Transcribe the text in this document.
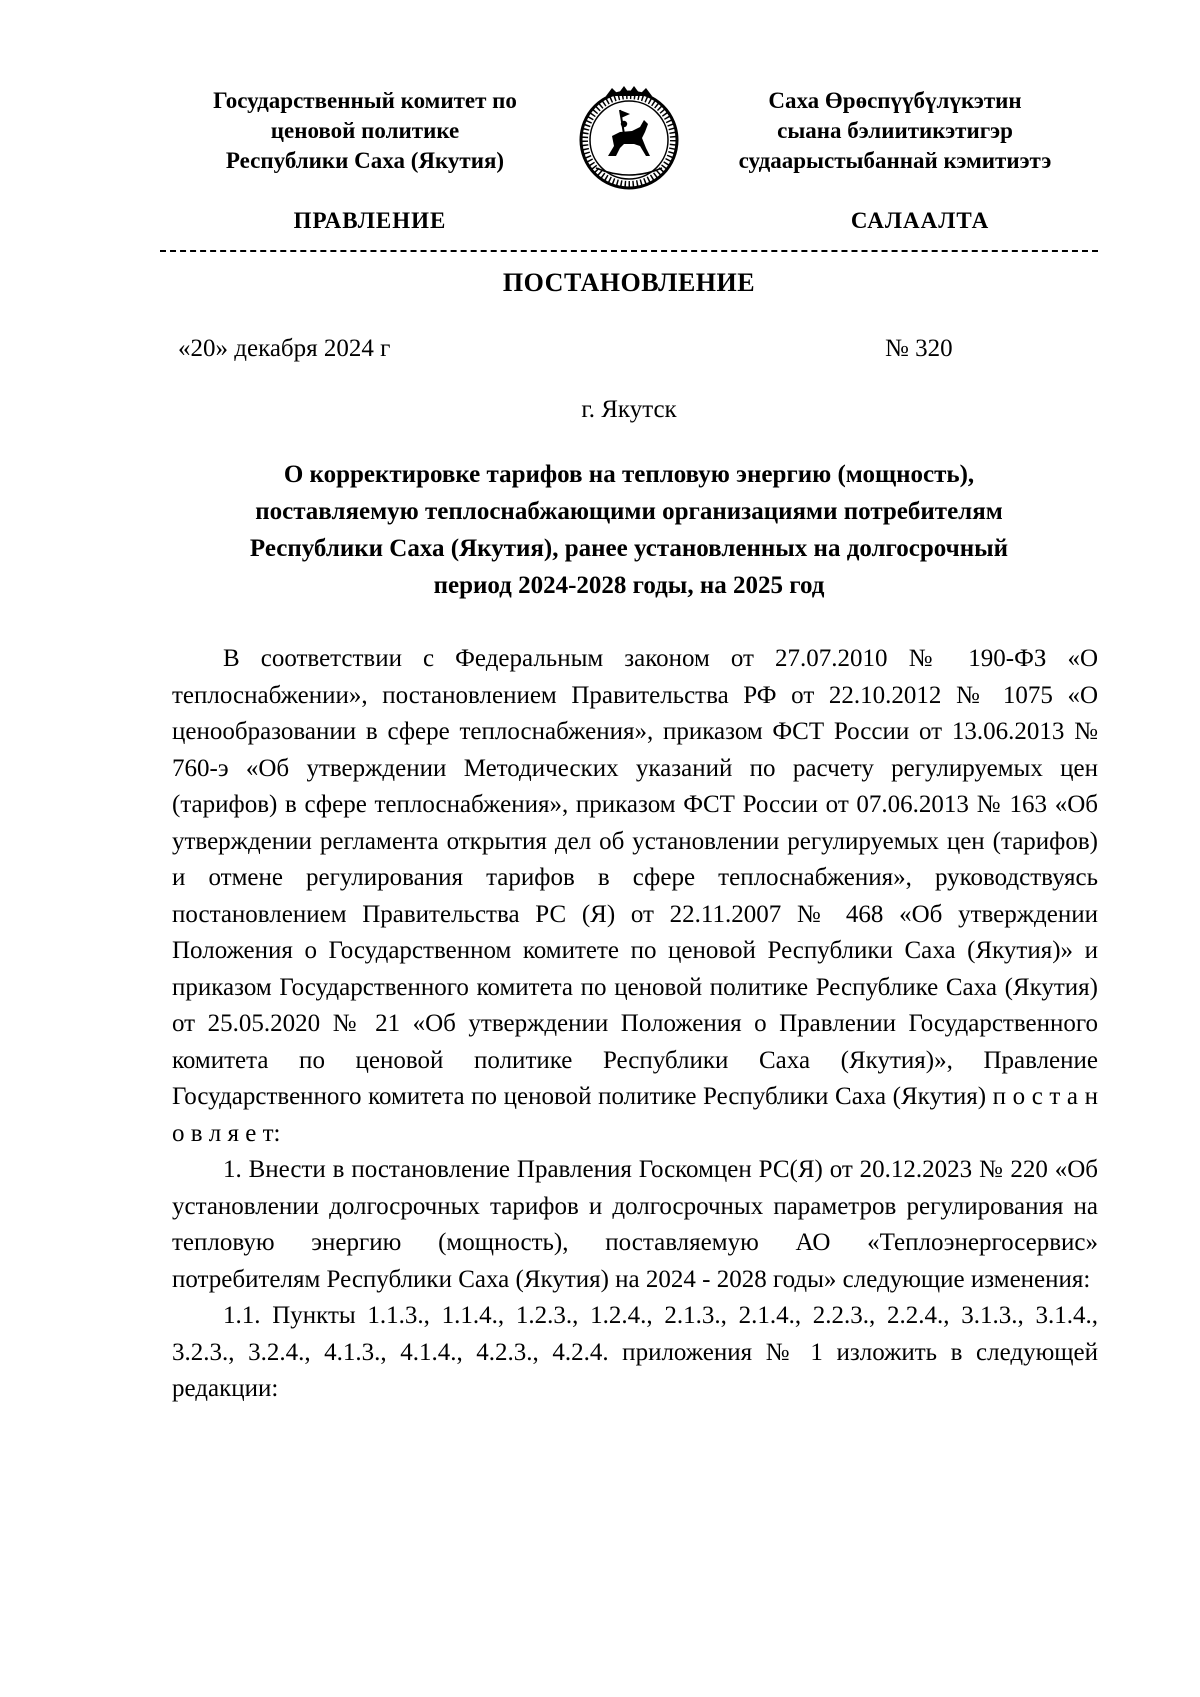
Государственный комитет по
ценовой политике
Республики Саха (Якутия)
Саха Өрөспүүбүлүкэтин
сыана бэлиитикэтигэр
судаарыстыбаннай кэмитиэтэ
ПРАВЛЕНИЕ	САЛААЛТА
ПОСТАНОВЛЕНИЕ
«20» декабря 2024 г	№ 320
г. Якутск
О корректировке тарифов на тепловую энергию (мощность),
поставляемую теплоснабжающими организациями потребителям
Республики Саха (Якутия), ранее установленных на долгосрочный
период 2024-2028 годы, на 2025 год

В соответствии с Федеральным законом от 27.07.2010 № 190-ФЗ «О теплоснабжении», постановлением Правительства РФ от 22.10.2012 № 1075 «О ценообразовании в сфере теплоснабжения», приказом ФСТ России от 13.06.2013 № 760-э «Об утверждении Методических указаний по расчету регулируемых цен (тарифов) в сфере теплоснабжения», приказом ФСТ России от 07.06.2013 № 163 «Об утверждении регламента открытия дел об установлении регулируемых цен (тарифов) и отмене регулирования тарифов в сфере теплоснабжения», руководствуясь постановлением Правительства РС (Я) от 22.11.2007 № 468 «Об утверждении Положения о Государственном комитете по ценовой Республики Саха (Якутия)» и приказом Государственного комитета по ценовой политике Республике Саха (Якутия) от 25.05.2020 № 21 «Об утверждении Положения о Правлении Государственного комитета по ценовой политике Республики Саха (Якутия)», Правление Государственного комитета по ценовой политике Республики Саха (Якутия) п о с т а н о в л я е т:

1. Внести в постановление Правления Госкомцен РС(Я) от 20.12.2023 № 220 «Об установлении долгосрочных тарифов и долгосрочных параметров регулирования на тепловую энергию (мощность), поставляемую АО «Теплоэнергосервис» потребителям Республики Саха (Якутия) на 2024 - 2028 годы» следующие изменения:

1.1. Пункты 1.1.3., 1.1.4., 1.2.3., 1.2.4., 2.1.3., 2.1.4., 2.2.3., 2.2.4., 3.1.3., 3.1.4., 3.2.3., 3.2.4., 4.1.3., 4.1.4., 4.2.3., 4.2.4. приложения № 1 изложить в следующей редакции:
